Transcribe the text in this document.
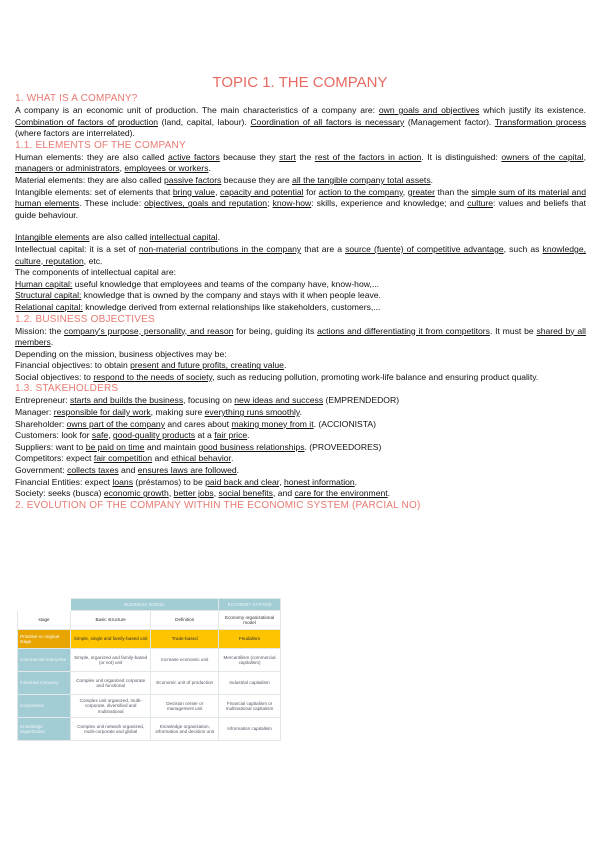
TOPIC 1. THE COMPANY

1. WHAT IS A COMPANY?

A company is an economic unit of production. The main characteristics of a company are: own goals and objectives which justify its existence. Combination of factors of production (land, capital, labour). Coordination of all factors is necessary (Management factor). Transformation process (where factors are interrelated).

1.1. ELEMENTS OF THE COMPANY

Human elements: they are also called active factors because they start the rest of the factors in action. It is distinguished: owners of the capital, managers or administrators, employees or workers.

Material elements: they are also called passive factors because they are all the tangible company total assets.

Intangible elements: set of elements that bring value, capacity and potential for action to the company, greater than the simple sum of its material and human elements. These include: objectives, goals and reputation; know-how: skills, experience and knowledge; and culture: values and beliefs that guide behaviour.

Intangible elements are also called intellectual capital.

Intellectual capital: it is a set of non-material contributions in the company that are a source (fuente) of competitive advantage, such as knowledge, culture, reputation, etc.

The components of intellectual capital are:

Human capital: useful knowledge that employees and teams of the company have, know-how,...

Structural capital: knowledge that is owned by the company and stays with it when people leave.

Relational capital: knowledge derived from external relationships like stakeholders, customers,...

1.2. BUSINESS OBJECTIVES

Mission: the company's purpose, personality, and reason for being, guiding its actions and differentiating it from competitors. It must be shared by all members.

Depending on the mission, business objectives may be:

Financial objectives: to obtain present and future profits, creating value.

Social objectives: to respond to the needs of society, such as reducing pollution, promoting work-life balance and ensuring product quality.

1.3. STAKEHOLDERS

Entrepreneur: starts and builds the business, focusing on new ideas and success (EMPRENDEDOR)

Manager: responsible for daily work, making sure everything runs smoothly.

Shareholder: owns part of the company and cares about making money from it. (ACCIONISTA)

Customers: look for safe, good-quality products at a fair price.

Suppliers: want to be paid on time and maintain good business relationships. (PROVEEDORES)

Competitors: expect fair competition and ethical behavior.

Government: collects taxes and ensures laws are followed.

Financial Entities: expect loans (préstamos) to be paid back and clear, honest information.

Society: seeks (busca) economic growth, better jobs, social benefits, and care for the environment.

2. EVOLUTION OF THE COMPANY WITHIN THE ECONOMIC SYSTEM (PARCIAL NO)

	BUSINESS MODEL		ECONOMY SYSTEM
stage	Basic structure	Definition	Economy organizational model
Primitive or original stage	Simple, single and family-based unit	Trade-based	Feudalism
Commercial enterprise	Simple, organized and family-based (or not) unit	Increase economic unit	Mercantilism (commercial capitalism)
Industrial company	Complex unit organized corporate and functional	Economic unit of production	Industrial capitalism
Corporation	Complex unit organized, multi-corporate, diversified and multinational	Decision center or management unit	Financial capitalism or multinational capitalism
Knowledge organization	Complex unit network organized, multi-corporate and global	Knowledge organization, information and decision unit	Information capitalism
